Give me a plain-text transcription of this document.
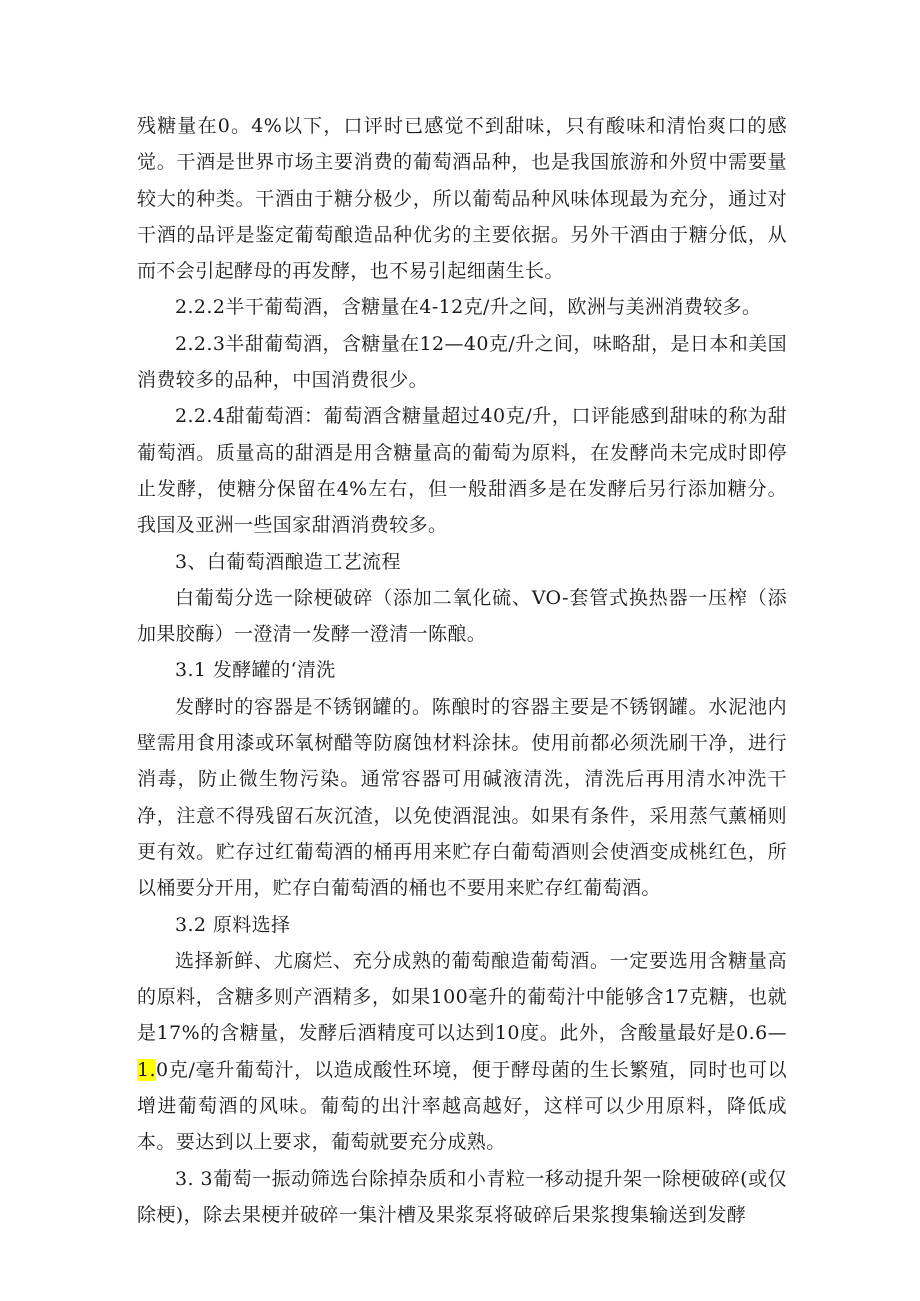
残糖量在0。4%以下，口评时已感觉不到甜味，只有酸味和清怡爽口的感觉。干酒是世界市场主要消费的葡萄酒品种，也是我国旅游和外贸中需要量较大的种类。干酒由于糖分极少，所以葡萄品种风味体现最为充分，通过对干酒的品评是鉴定葡萄酿造品种优劣的主要依据。另外干酒由于糖分低，从而不会引起酵母的再发酵，也不易引起细菌生长。

2.2.2半干葡萄酒，含糖量在4-12克/升之间，欧洲与美洲消费较多。

2.2.3半甜葡萄酒，含糖量在12—40克/升之间，味略甜，是日本和美国消费较多的品种，中国消费很少。

2.2.4甜葡萄酒：葡萄酒含糖量超过40克/升，口评能感到甜味的称为甜葡萄酒。质量高的甜酒是用含糖量高的葡萄为原料，在发酵尚未完成时即停止发酵，使糖分保留在4%左右，但一般甜酒多是在发酵后另行添加糖分。我国及亚洲一些国家甜酒消费较多。

3、白葡萄酒酿造工艺流程

白葡萄分选一除梗破碎（添加二氧化硫、VO-套管式换热器一压榨（添加果胶酶）一澄清一发酵一澄清一陈酿。

3.1 发酵罐的‘清洗

发酵时的容器是不锈钢罐的。陈酿时的容器主要是不锈钢罐。水泥池内壁需用食用漆或环氧树醋等防腐蚀材料涂抹。使用前都必须洗刷干净，进行消毒，防止微生物污染。通常容器可用碱液清洗，清洗后再用清水冲洗干净，注意不得残留石灰沉渣，以免使酒混浊。如果有条件，采用蒸气薰桶则更有效。贮存过红葡萄酒的桶再用来贮存白葡萄酒则会使酒变成桃红色，所以桶要分开用，贮存白葡萄酒的桶也不要用来贮存红葡萄酒。

3.2 原料选择

选择新鲜、尤腐烂、充分成熟的葡萄酿造葡萄酒。一定要选用含糖量高的原料，含糖多则产酒精多，如果100毫升的葡萄汁中能够含17克糖，也就是17%的含糖量，发酵后酒精度可以达到10度。此外，含酸量最好是0.6—1.0克/毫升葡萄汁，以造成酸性环境，便于酵母菌的生长繁殖，同时也可以增进葡萄酒的风味。葡萄的出汁率越高越好，这样可以少用原料，降低成本。要达到以上要求，葡萄就要充分成熟。

3. 3葡萄一振动筛选台除掉杂质和小青粒一移动提升架一除梗破碎(或仅除梗)，除去果梗并破碎一集汁槽及果浆泵将破碎后果浆搜集输送到发酵
